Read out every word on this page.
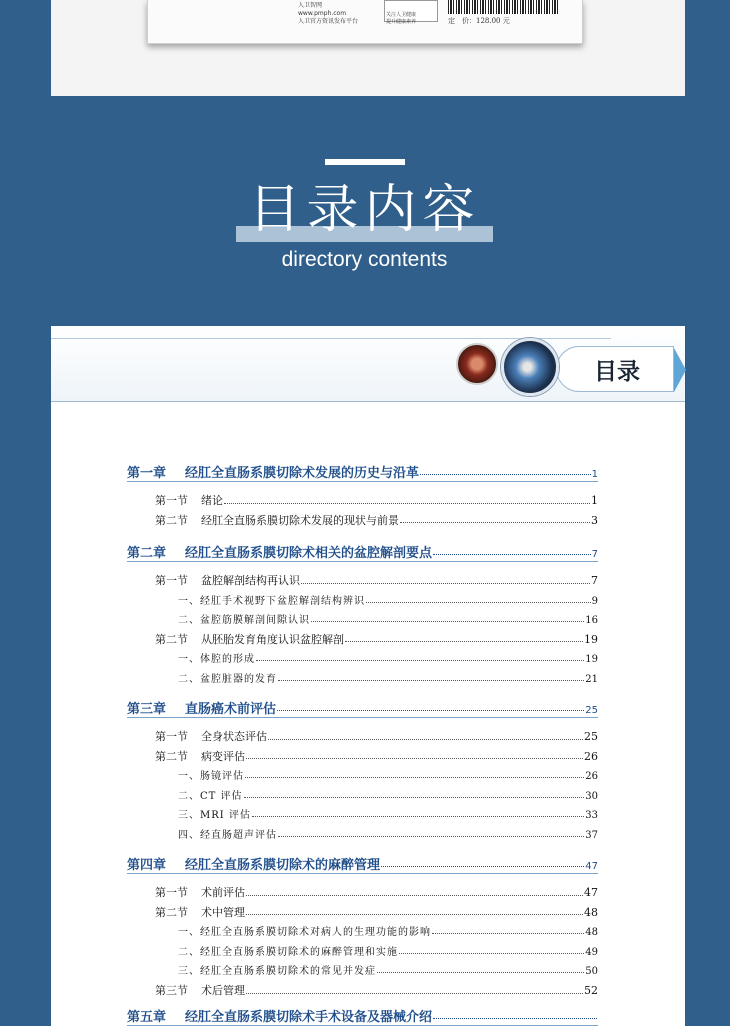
人卫智网
www.pmph.com
人卫官方资讯发布平台
关注人卫健康
提升健康素养	定　价：128.00 元
目录内容
directory contents
目录
第一章	经肛全直肠系膜切除术发展的历史与沿革	1
第一节	绪论	1
第二节	经肛全直肠系膜切除术发展的现状与前景	3
第二章	经肛全直肠系膜切除术相关的盆腔解剖要点	7
第一节	盆腔解剖结构再认识	7
一、经肛手术视野下盆腔解剖结构辨识	9
二、盆腔筋膜解剖间隙认识	16
第二节	从胚胎发育角度认识盆腔解剖	19
一、体腔的形成	19
二、盆腔脏器的发育	21
第三章	直肠癌术前评估	25
第一节	全身状态评估	25
第二节	病变评估	26
一、肠镜评估	26
二、CT 评估	30
三、MRI 评估	33
四、经直肠超声评估	37
第四章	经肛全直肠系膜切除术的麻醉管理	47
第一节	术前评估	47
第二节	术中管理	48
一、经肛全直肠系膜切除术对病人的生理功能的影响	48
二、经肛全直肠系膜切除术的麻醉管理和实施	49
三、经肛全直肠系膜切除术的常见并发症	50
第三节	术后管理	52
第五章	经肛全直肠系膜切除术手术设备及器械介绍
